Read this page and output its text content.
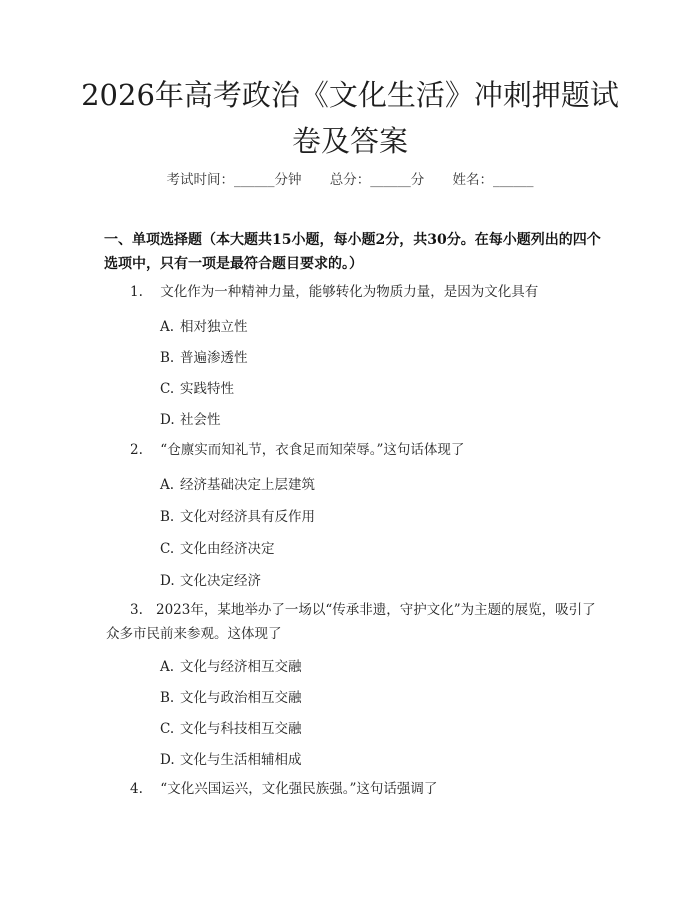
2026年高考政治《文化生活》冲刺押题试卷及答案
考试时间：______分钟 总分：______分 姓名：______

一、单项选择题（本大题共15小题，每小题2分，共30分。在每小题列出的四个选项中，只有一项是最符合题目要求的。）

1. 文化作为一种精神力量，能够转化为物质力量，是因为文化具有
A. 相对独立性
B. 普遍渗透性
C. 实践特性
D. 社会性
2. “仓廪实而知礼节，衣食足而知荣辱。”这句话体现了
A. 经济基础决定上层建筑
B. 文化对经济具有反作用
C. 文化由经济决定
D. 文化决定经济
3. 2023年，某地举办了一场以“传承非遗，守护文化”为主题的展览，吸引了众多市民前来参观。这体现了
A. 文化与经济相互交融
B. 文化与政治相互交融
C. 文化与科技相互交融
D. 文化与生活相辅相成
4. “文化兴国运兴，文化强民族强。”这句话强调了
